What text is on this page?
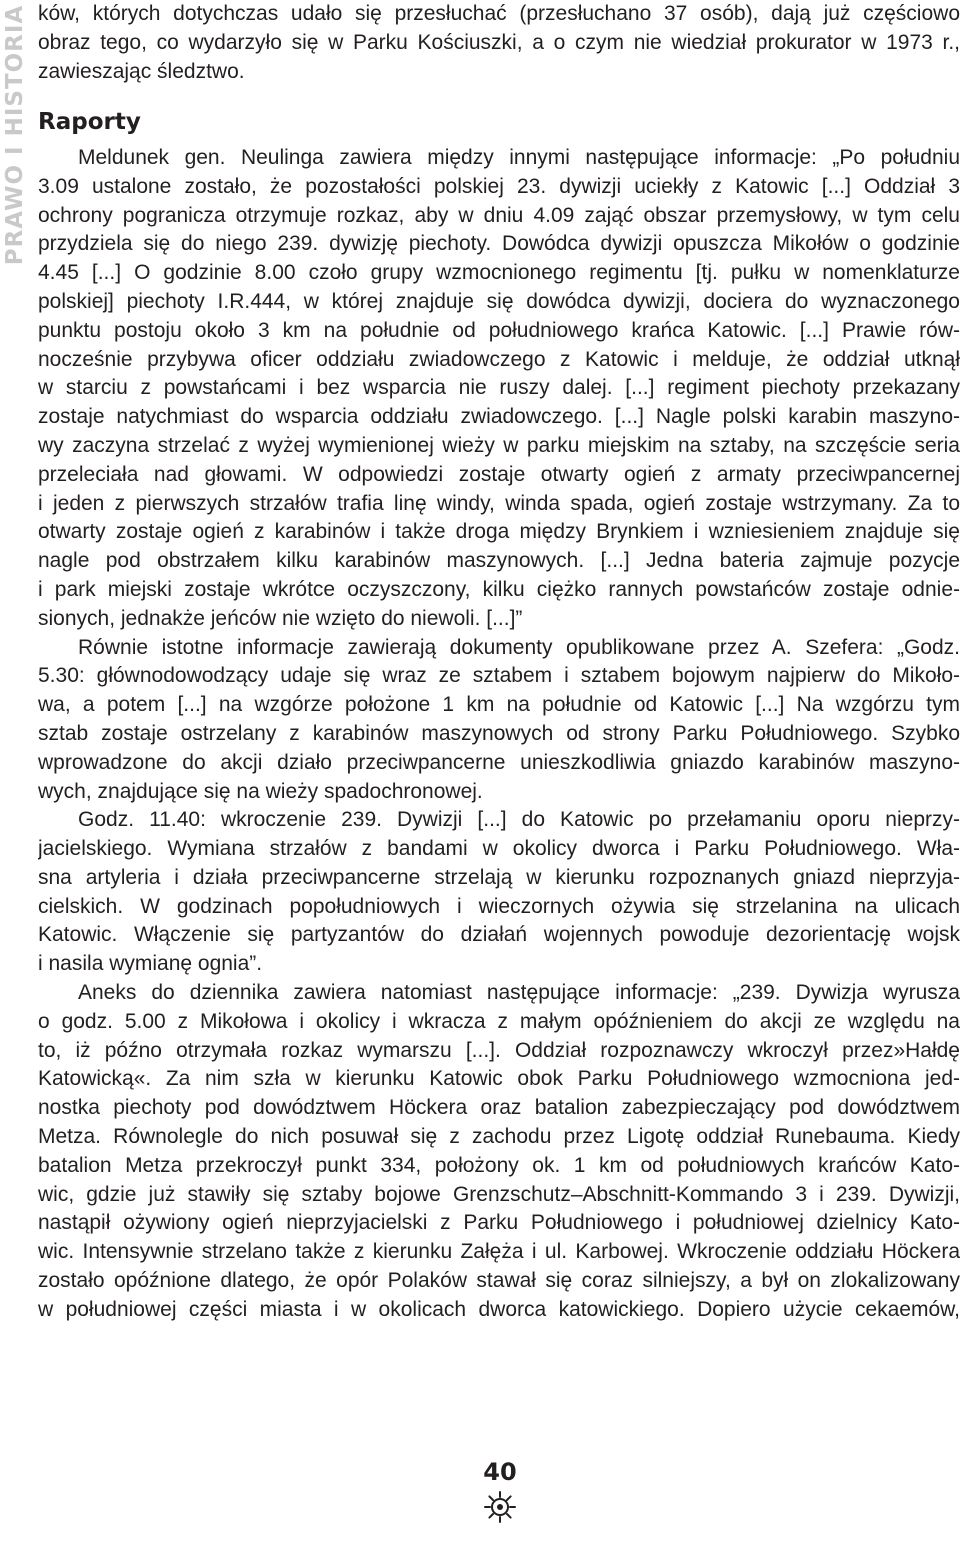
PRAWO I HISTORIA ków, których dotychczas udało się przesłuchać (przesłuchano 37 osób), dają już częściowo
obraz tego, co wydarzyło się w Parku Kościuszki, a o czym nie wiedział prokurator w 1973 r.,
zawieszając śledztwo.
Raporty
Meldunek gen. Neulinga zawiera między innymi następujące informacje: „Po południu
3.09 ustalone zostało, że pozostałości polskiej 23. dywizji uciekły z Katowic [...] Oddział 3
ochrony pogranicza otrzymuje rozkaz, aby w dniu 4.09 zająć obszar przemysłowy, w tym celu
przydziela się do niego 239. dywizję piechoty. Dowódca dywizji opuszcza Mikołów o godzinie
4.45 [...] O godzinie 8.00 czoło grupy wzmocnionego regimentu [tj. pułku w nomenklaturze
polskiej] piechoty I.R.444, w której znajduje się dowódca dywizji, dociera do wyznaczonego
punktu postoju około 3 km na południe od południowego krańca Katowic. [...] Prawie rów-
nocześnie przybywa oficer oddziału zwiadowczego z Katowic i melduje, że oddział utknął
w starciu z powstańcami i bez wsparcia nie ruszy dalej. [...] regiment piechoty przekazany
zostaje natychmiast do wsparcia oddziału zwiadowczego. [...] Nagle polski karabin maszyno-
wy zaczyna strzelać z wyżej wymienionej wieży w parku miejskim na sztaby, na szczęście seria
przeleciała nad głowami. W odpowiedzi zostaje otwarty ogień z armaty przeciwpancernej
i jeden z pierwszych strzałów trafia linę windy, winda spada, ogień zostaje wstrzymany. Za to
otwarty zostaje ogień z karabinów i także droga między Brynkiem i wzniesieniem znajduje się
nagle pod obstrzałem kilku karabinów maszynowych. [...] Jedna bateria zajmuje pozycje
i park miejski zostaje wkrótce oczyszczony, kilku ciężko rannych powstańców zostaje odnie-
sionych, jednakże jeńców nie wzięto do niewoli. [...]”
Równie istotne informacje zawierają dokumenty opublikowane przez A. Szefera: „Godz.
5.30: głównodowodzący udaje się wraz ze sztabem i sztabem bojowym najpierw do Mikoło-
wa, a potem [...] na wzgórze położone 1 km na południe od Katowic [...] Na wzgórzu tym
sztab zostaje ostrzelany z karabinów maszynowych od strony Parku Południowego. Szybko
wprowadzone do akcji działo przeciwpancerne unieszkodliwia gniazdo karabinów maszyno-
wych, znajdujące się na wieży spadochronowej.
Godz. 11.40: wkroczenie 239. Dywizji [...] do Katowic po przełamaniu oporu nieprzy-
jacielskiego. Wymiana strzałów z bandami w okolicy dworca i Parku Południowego. Wła-
sna artyleria i działa przeciwpancerne strzelają w kierunku rozpoznanych gniazd nieprzyja-
cielskich. W godzinach popołudniowych i wieczornych ożywia się strzelanina na ulicach
Katowic. Włączenie się partyzantów do działań wojennych powoduje dezorientację wojsk
i nasila wymianę ognia”.
Aneks do dziennika zawiera natomiast następujące informacje: „239. Dywizja wyrusza
o godz. 5.00 z Mikołowa i okolicy i wkracza z małym opóźnieniem do akcji ze względu na
to, iż późno otrzymała rozkaz wymarszu [...]. Oddział rozpoznawczy wkroczył przez»Hałdę
Katowicką«. Za nim szła w kierunku Katowic obok Parku Południowego wzmocniona jed-
nostka piechoty pod dowództwem Höckera oraz batalion zabezpieczający pod dowództwem
Metza. Równolegle do nich posuwał się z zachodu przez Ligotę oddział Runebauma. Kiedy
batalion Metza przekroczył punkt 334, położony ok. 1 km od południowych krańców Kato-
wic, gdzie już stawiły się sztaby bojowe Grenzschutz–Abschnitt-Kommando 3 i 239. Dywizji,
nastąpił ożywiony ogień nieprzyjacielski z Parku Południowego i południowej dzielnicy Kato-
wic. Intensywnie strzelano także z kierunku Załęża i ul. Karbowej. Wkroczenie oddziału Höckera
zostało opóźnione dlatego, że opór Polaków stawał się coraz silniejszy, a był on zlokalizowany
w południowej części miasta i w okolicach dworca katowickiego. Dopiero użycie cekaemów,
40
